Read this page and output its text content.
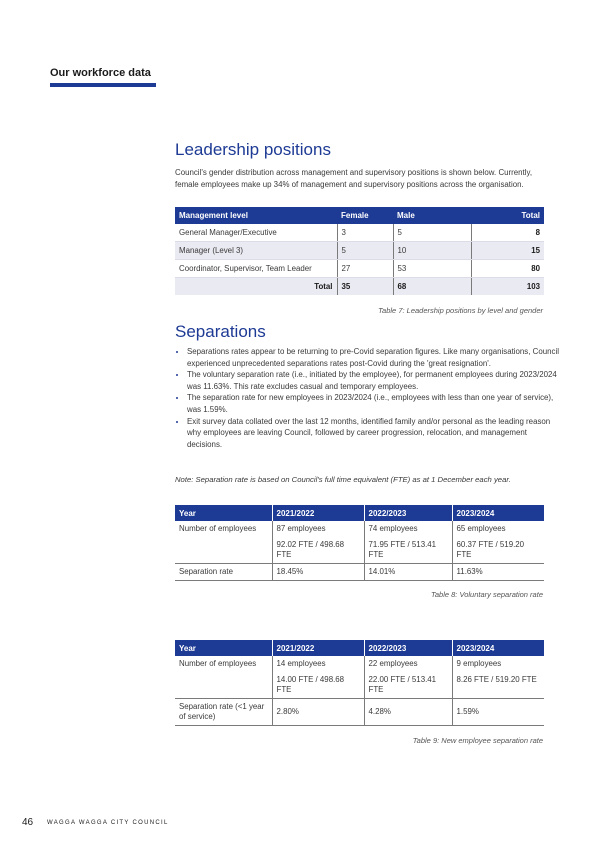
Our workforce data
Leadership positions

Council's gender distribution across management and supervisory positions is shown below. Currently, female employees make up 34% of management and supervisory positions across the organisation.

Management level	Female	Male	Total
General Manager/Executive	3	5	8
Manager (Level 3)	5	10	15
Coordinator, Supervisor, Team Leader	27	53	80
Total	35	68	103
Table 7: Leadership positions by level and gender
Separations
• Separations rates appear to be returning to pre-Covid separation figures. Like many organisations, Council experienced unprecedented separations rates post-Covid during the 'great resignation'.
• The voluntary separation rate (i.e., initiated by the employee), for permanent employees during 2023/2024 was 11.63%. This rate excludes casual and temporary employees.
• The separation rate for new employees in 2023/2024 (i.e., employees with less than one year of service), was 1.59%.
• Exit survey data collated over the last 12 months, identified family and/or personal as the leading reason why employees are leaving Council, followed by career progression, relocation, and management decisions.
Note: Separation rate is based on Council's full time equivalent (FTE) as at 1 December each year.
Year	2021/2022	2022/2023	2023/2024
Number of employees	87 employees	74 employees	65 employees
	92.02 FTE / 498.68 FTE	71.95 FTE / 513.41 FTE	60.37 FTE / 519.20 FTE
Separation rate	18.45%	14.01%	11.63%
Table 8: Voluntary separation rate
Year	2021/2022	2022/2023	2023/2024
Number of employees	14 employees	22 employees	9 employees
	14.00 FTE / 498.68 FTE	22.00 FTE / 513.41 FTE	8.26 FTE / 519.20 FTE
Separation rate (<1 year of service)	2.80%	4.28%	1.59%
Table 9: New employee separation rate
46 WAGGA WAGGA CITY COUNCIL
